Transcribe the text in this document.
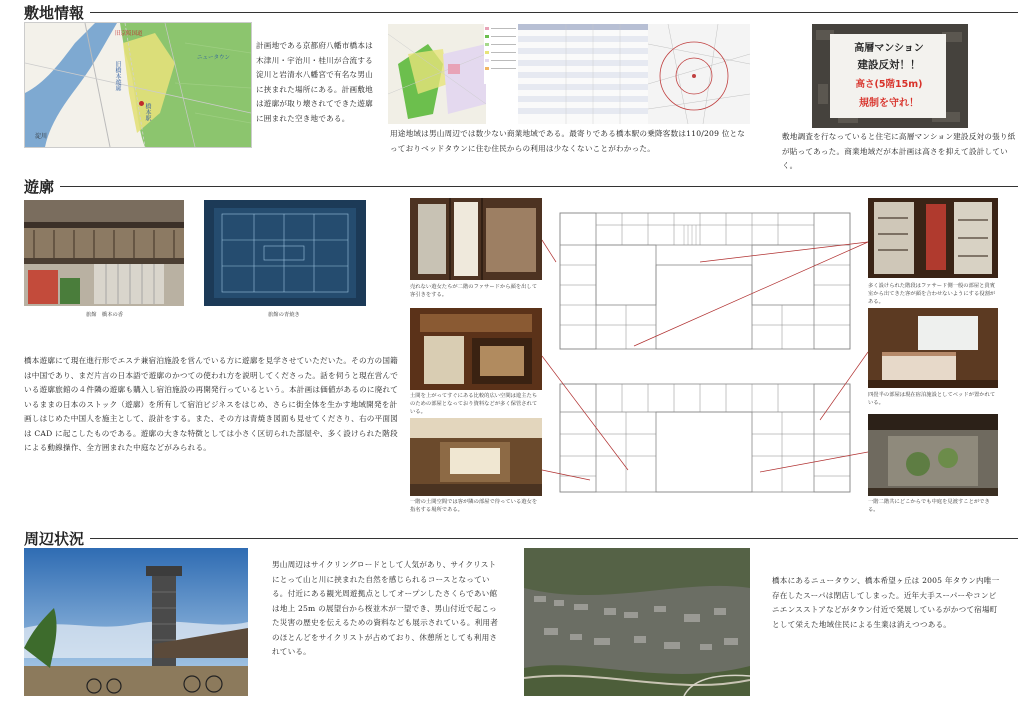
敷地情報
旧京阪国道
旧橋本遊廓
橋本駅
淀川
ニュータウン
計画地である京都府八幡市橋本は木津川・宇治川・桂川が合流する淀川と岩清水八幡宮で有名な男山に挟まれた場所にある。計画敷地は遊廓が取り壊されてできた遊廓に囲まれた空き地である。
用途地域は男山周辺では数少ない商業地域である。最寄りである橋本駅の乗降客数は110/209 位となっておりベッドタウンに住む住民からの利用は少なくないことがわかった。
高層マンション
建設反対！！
高さ(5階15m)
規制を守れ！
敷地調査を行なっていると住宅に高層マンション建設反対の張り紙が貼ってあった。商業地域だが本計画は高さを抑えて設計していく。
遊廓
旅館　橋本の香	旅館の青焼き
橋本遊廓にて現在進行形でエステ兼宿泊施設を営んでいる方に遊廓を見学させていただいた。その方の国籍は中国であり、まだ片言の日本語で遊廓のかつての使われ方を説明してくださった。話を伺うと現在営んでいる遊廓旅館の４件隣の遊廓も購入し宿泊施設の再開発行っているという。本計画は価値があるのに廃れているままの日本のストック（遊廓）を所有して宿泊ビジネスをはじめ、さらに街全体を生かす地域開発を計画しはじめた中国人を施主として、設計をする。また、その方は青焼き図面も見せてくださり、右の平面図は CAD に起こしたものである。遊廓の大きな特徴としては小さく区切られた部屋や、多く設けられた階段による動線操作、全方囲まれた中庭などがみられる。
売れない遊女たちが二階のファサードから顔を出して客引きをする。
土間を上がってすぐにある比較的広い空間は遊主たちのための部屋となっており資料などが多く保管されている。
一階の土間空間では客が隣の部屋で待っている遊女を指名する場所である。
多く設けられた階段はファサード側一般の部屋と貴賓室から出てきた客が顔を合わせないようにする役割がある。
四畳半の部屋は現在宿泊施設としてベッドが置かれている。
一階二階共にどこからでも中庭を見渡すことができる。
周辺状況
男山周辺はサイクリングロードとして人気があり、サイクリストにとって山と川に挟まれた自然を感じられるコースとなっている。付近にある観光周遊拠点としてオープンしたさくらであい館は地上 25m の展望台から桜並木が一望でき、男山付近で起こった災害の歴史を伝えるための資料なども展示されている。利用者のほとんどをサイクリストが占めており、休憩所としても利用されている。
橋本にあるニュータウン、橋本希望ヶ丘は 2005 年タウン内唯一存在したスーパは閉店してしまった。近年大手スーパーやコンビニエンスストアなどがタウン付近で発展しているがかつて宿場町として栄えた地域住民による生業は消えつつある。
